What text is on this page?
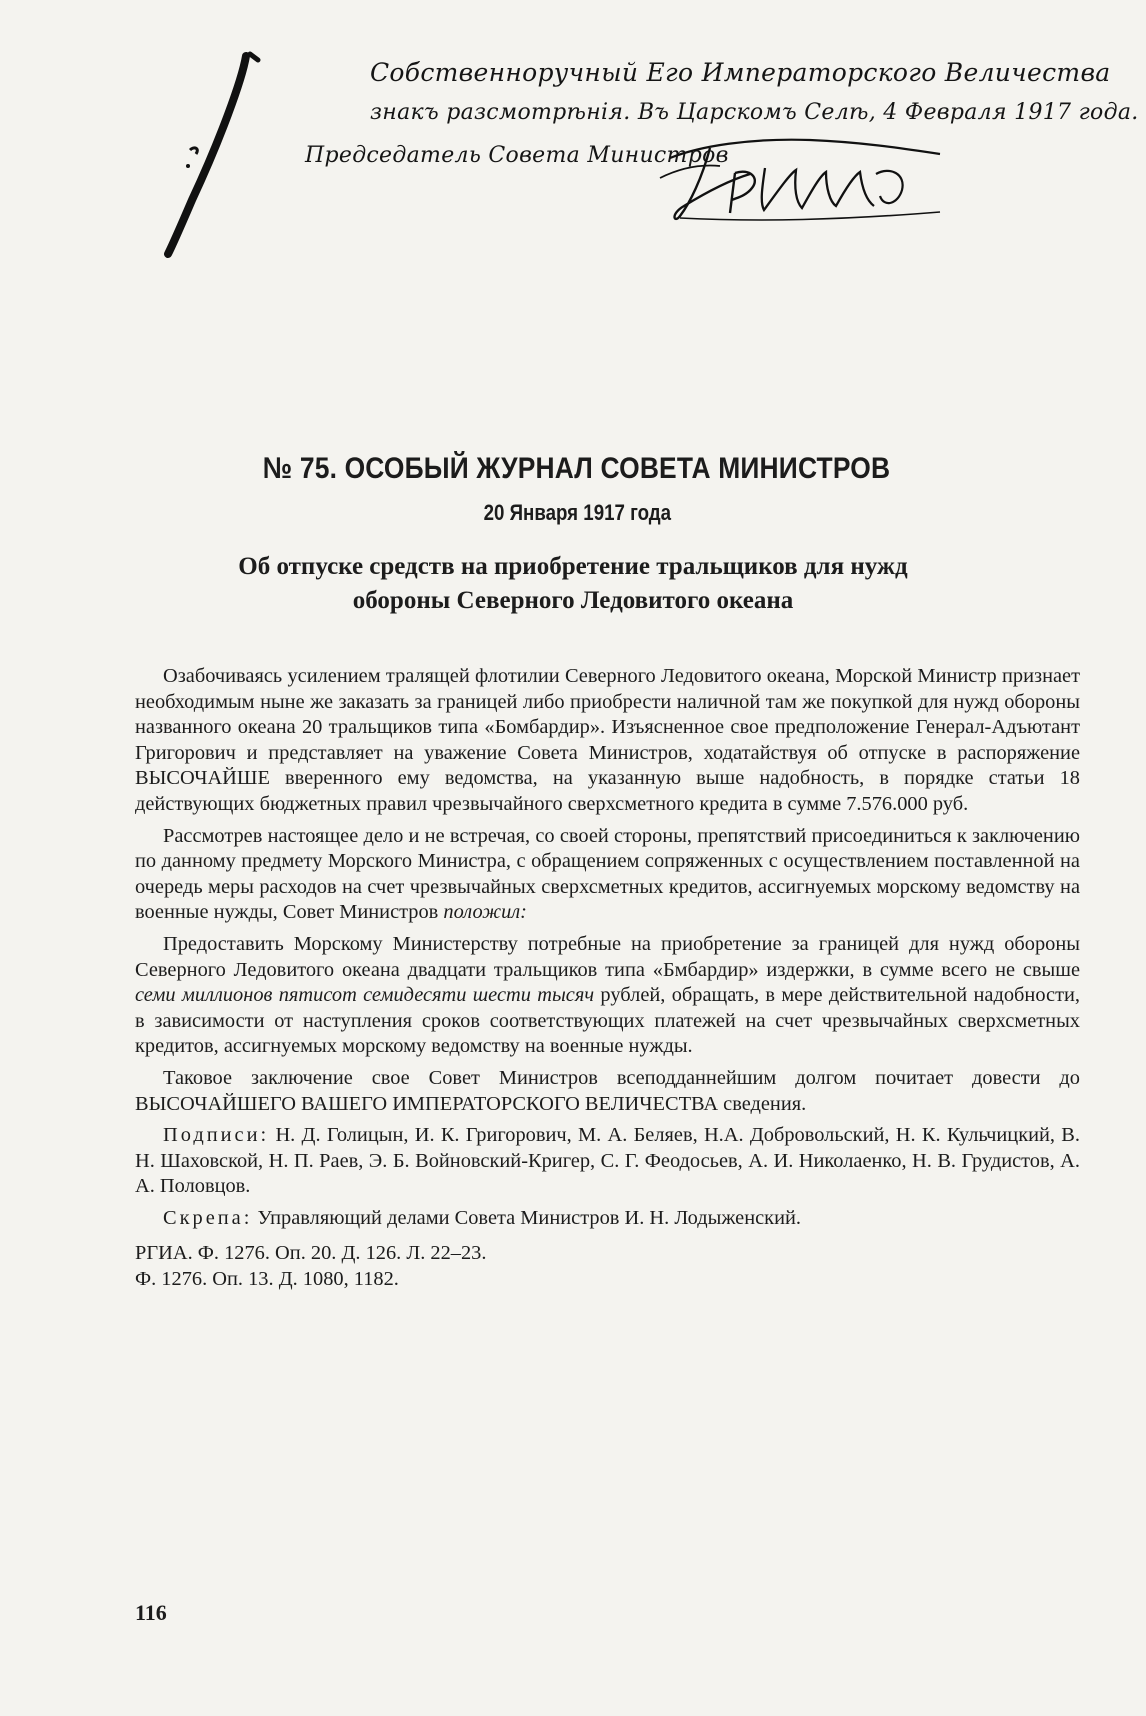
Собственноручный Его Императорского Величества
знакъ разсмотрѣнія. Въ Царскомъ Селѣ, 4 Февраля 1917 года.
Председатель Совета Министров
№ 75. ОСОБЫЙ ЖУРНАЛ СОВЕТА МИНИСТРОВ
20 Января 1917 года
Об отпуске средств на приобретение тральщиков для нужд
обороны Северного Ледовитого океана

Озабочиваясь усилением тралящей флотилии Северного Ледовитого океана, Морской Министр признает необходимым ныне же заказать за границей либо приобрести наличной там же покупкой для нужд обороны названного океана 20 тральщиков типа «Бомбардир». Изъясненное свое предположение Генерал-Адъютант Григорович и представляет на уважение Совета Министров, ходатайствуя об отпуске в распоряжение ВЫСОЧАЙШЕ вверенного ему ведомства, на указанную выше надобность, в порядке статьи 18 действующих бюджетных правил чрезвычайного сверхсметного кредита в сумме 7.576.000 руб.

Рассмотрев настоящее дело и не встречая, со своей стороны, препятствий присоединиться к заключению по данному предмету Морского Министра, с обращением сопряженных с осуществлением поставленной на очередь меры расходов на счет чрезвычайных сверхсметных кредитов, ассигнуемых морскому ведомству на военные нужды, Совет Министров положил:

Предоставить Морскому Министерству потребные на приобретение за границей для нужд обороны Северного Ледовитого океана двадцати тральщиков типа «Бмбардир» издержки, в сумме всего не свыше семи миллионов пятисот семидесяти шести тысяч рублей, обращать, в мере действительной надобности, в зависимости от наступления сроков соответствующих платежей на счет чрезвычайных сверхсметных кредитов, ассигнуемых морскому ведомству на военные нужды.

Таковое заключение свое Совет Министров всеподданнейшим долгом почитает довести до ВЫСОЧАЙШЕГО ВАШЕГО ИМПЕРАТОРСКОГО ВЕЛИЧЕСТВА сведения.

Подписи: Н. Д. Голицын, И. К. Григорович, М. А. Беляев, Н.А. Добровольский, Н. К. Кульчицкий, В. Н. Шаховской, Н. П. Раев, Э. Б. Войновский-Кригер, С. Г. Феодосьев, А. И. Николаенко, Н. В. Грудистов, А. А. Половцов.

Скрепа: Управляющий делами Совета Министров И. Н. Лодыженский.

РГИА. Ф. 1276. Оп. 20. Д. 126. Л. 22–23.

Ф. 1276. Оп. 13. Д. 1080, 1182.

116
